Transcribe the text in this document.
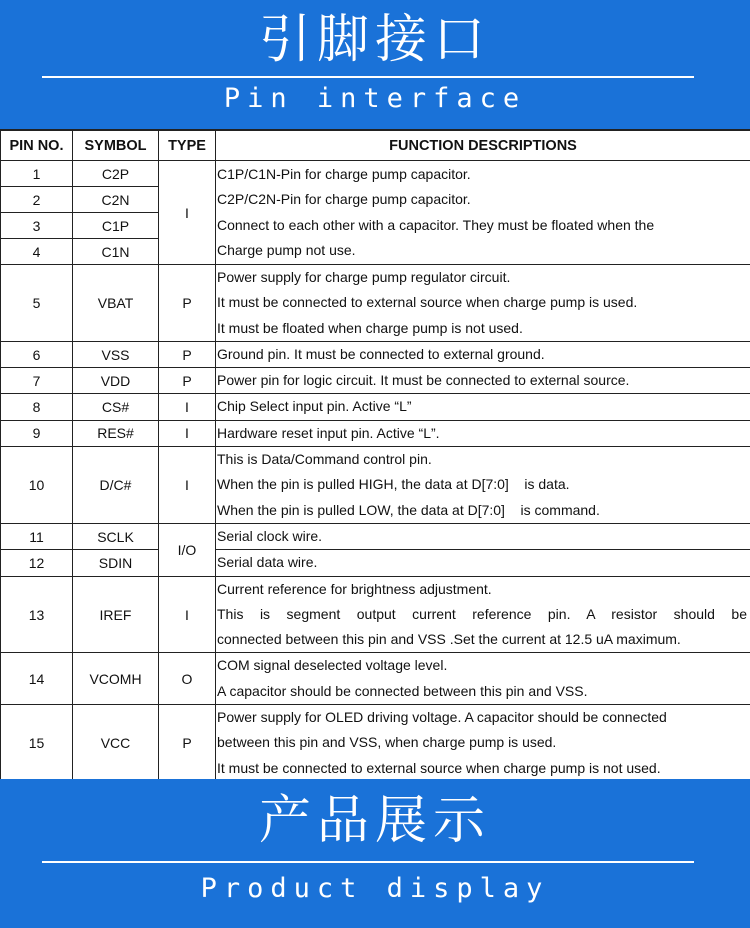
引脚接口
Pin interface
PIN NO.	SYMBOL	TYPE	FUNCTION DESCRIPTIONS
1	C2P	I	C1P/C1N-Pin for charge pump capacitor.
C2P/C2N-Pin for charge pump capacitor.
Connect to each other with a capacitor. They must be floated when the
Charge pump not use.

2	C2N		
3	C1P		
4	C1N		
5	VBAT	P	Power supply for charge pump regulator circuit.
It must be connected to external source when charge pump is used.
It must be floated when charge pump is not used.

6	VSS	P	Ground pin. It must be connected to external ground.

7	VDD	P	Power pin for logic circuit. It must be connected to external source.

8	CS#	I	Chip Select input pin. Active “L”

9	RES#	I	Hardware reset input pin. Active “L”.

10	D/C#	I	This is Data/Command control pin.
When the pin is pulled HIGH, the data at D[7:0]    is data.
When the pin is pulled LOW, the data at D[7:0]    is command.

11	SCLK	I/O	Serial clock wire.

12	SDIN		Serial data wire.

13	IREF	I	Current reference for brightness adjustment.
This is segment output current reference pin. A resistor should be
connected between this pin and VSS .Set the current at 12.5 uA maximum.

14	VCOMH	O	COM signal deselected voltage level.
A capacitor should be connected between this pin and VSS.

15	VCC	P	Power supply for OLED driving voltage. A capacitor should be connected
between this pin and VSS, when charge pump is used.
It must be connected to external source when charge pump is not used.
产品展示
Product display
